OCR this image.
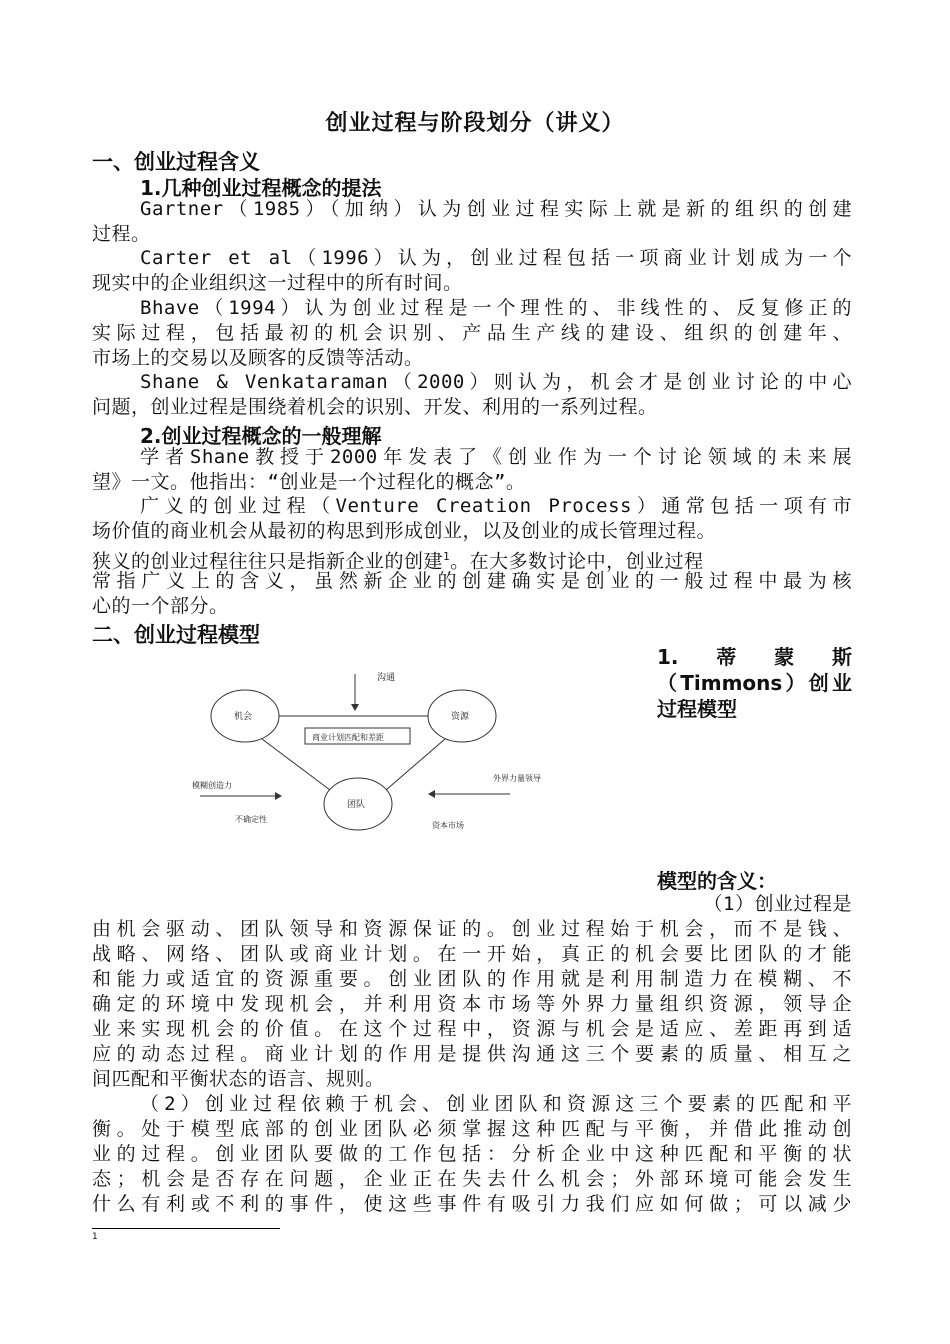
创业过程与阶段划分（讲义）
一、创业过程含义
1.几种创业过程概念的提法
Gartner（1985）（加纳）认为创业过程实际上就是新的组织的创建
过程。
Carter et al（1996）认为，创业过程包括一项商业计划成为一个
现实中的企业组织这一过程中的所有时间。
Bhave（1994）认为创业过程是一个理性的、非线性的、反复修正的
实际过程，包括最初的机会识别、产品生产线的建设、组织的创建年、
市场上的交易以及顾客的反馈等活动。
Shane & Venkataraman（2000）则认为，机会才是创业讨论的中心
问题，创业过程是围绕着机会的识别、开发、利用的一系列过程。
2.创业过程概念的一般理解
学者Shane教授于2000年发表了《创业作为一个讨论领域的未来展
望》一文。他指出：“创业是一个过程化的概念”。
广义的创业过程（Venture Creation Process）通常包括一项有市
场价值的商业机会从最初的构思到形成创业，以及创业的成长管理过程。
狭义的创业过程往往只是指新企业的创建$^1$。在大多数讨论中，创业过程
常指广义上的含义，虽然新企业的创建确实是创业的一般过程中最为核
心的一个部分。
二、创业过程模型
1.　蒂　蒙　斯
（Timmons）创业
过程模型
沟通
机会	资源
团队
商业计划匹配和差距
模糊创造力
不确定性
外界力量领导
资本市场
模型的含义：
（1）创业过程是
由机会驱动、团队领导和资源保证的。创业过程始于机会，而不是钱、
战略、网络、团队或商业计划。在一开始，真正的机会要比团队的才能
和能力或适宜的资源重要。创业团队的作用就是利用制造力在模糊、不
确定的环境中发现机会，并利用资本市场等外界力量组织资源，领导企
业来实现机会的价值。在这个过程中，资源与机会是适应、差距再到适
应的动态过程。商业计划的作用是提供沟通这三个要素的质量、相互之
间匹配和平衡状态的语言、规则。
（2）创业过程依赖于机会、创业团队和资源这三个要素的匹配和平
衡。处于模型底部的创业团队必须掌握这种匹配与平衡，并借此推动创
业的过程。创业团队要做的工作包括：分析企业中这种匹配和平衡的状
态；机会是否存在问题，企业正在失去什么机会；外部环境可能会发生
什么有利或不利的事件，使这些事件有吸引力我们应如何做；可以减少
1
